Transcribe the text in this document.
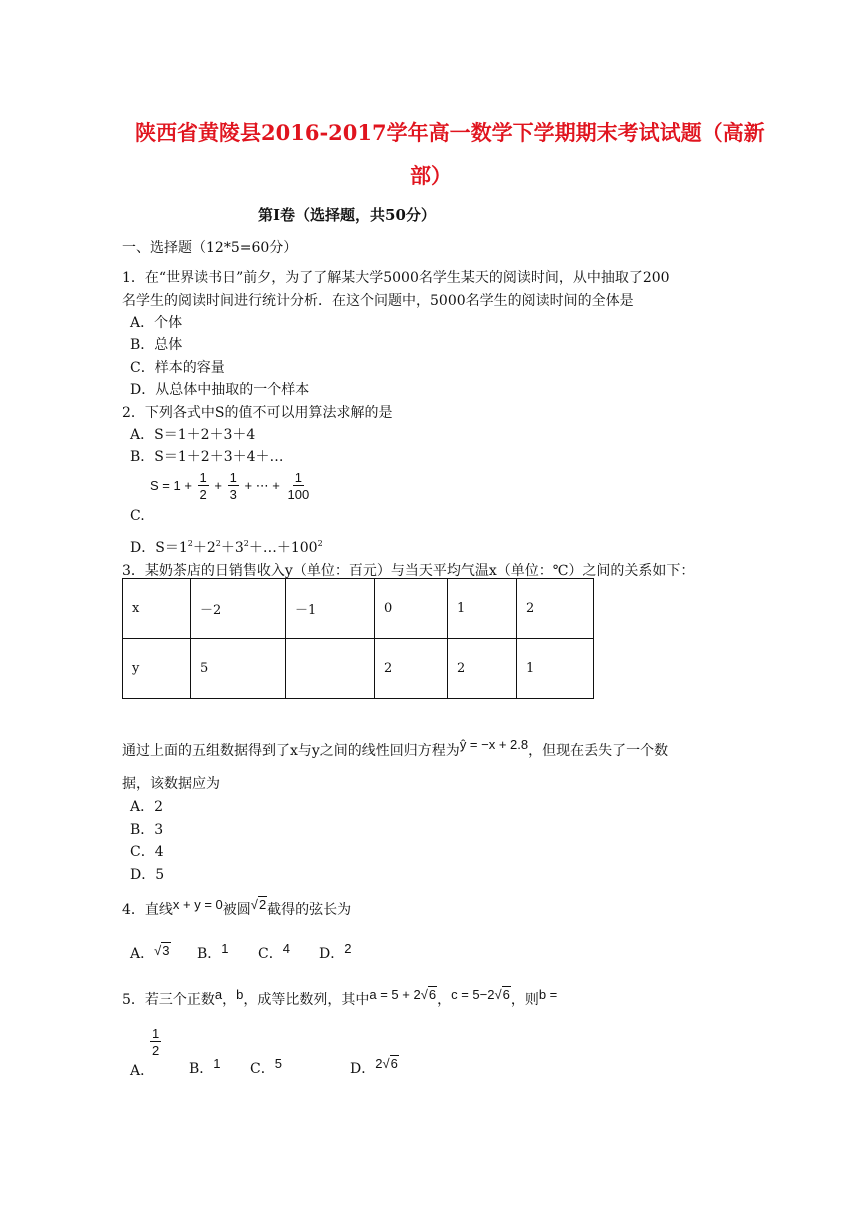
陕西省黄陵县2016-2017学年高一数学下学期期末考试试题（高新
部）
第Ⅰ卷（选择题，共50分）
一、选择题（12*5=60分）
1．在“世界读书日”前夕，为了了解某大学5000名学生某天的阅读时间，从中抽取了200
名学生的阅读时间进行统计分析．在这个问题中，5000名学生的阅读时间的全体是
A．个体
B．总体
C．样本的容量
D．从总体中抽取的一个样本
2．下列各式中S的值不可以用算法求解的是
A．S＝1＋2＋3＋4
B．S＝1＋2＋3＋4＋…
C.
$S = 1 + \frac{1}{2} + \frac{1}{3}$ + ⋯ + $\frac{1}{100}$
D．$S=1^2+2^2+3^2+\dots+100^2$
3．某奶茶店的日销售收入y（单位：百元）与当天平均气温x（单位：℃）之间的关系如下：
x	－2	－1	0	1	2
y	5		2	2	1
通过上面的五组数据得到了x与y之间的线性回归方程为ŷ = −x + 2.8，但现在丢失了一个数
据，该数据应为
A．2
B．3
C．4
D．5
4．直线x + y = 0被圆√2截得的弦长为
A．√3 B．1 C．4 D．2
5．若三个正数a，b，成等比数列，其中a = 5 + 2√6，c = 5−2√6，则b =
A．
$\frac{1}{2}$
B．1 C．5	D．2√6
